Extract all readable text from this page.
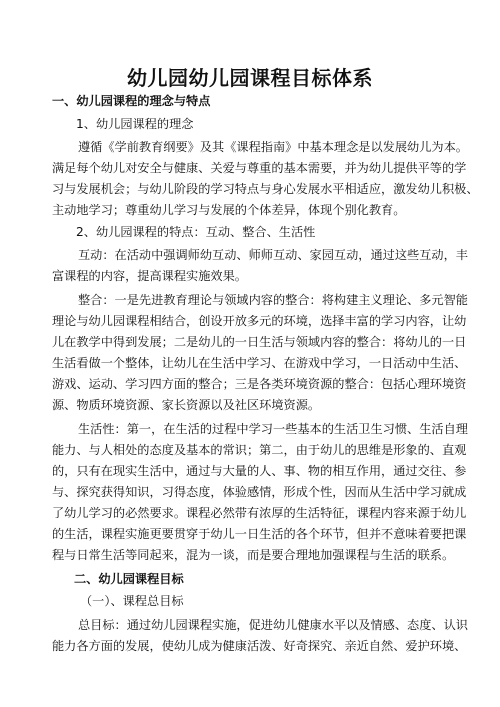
幼儿园幼儿园课程目标体系
一、幼儿园课程的理念与特点
1、幼儿园课程的理念
遵循《学前教育纲要》及其《课程指南》中基本理念是以发展幼儿为本。
满足每个幼儿对安全与健康、关爱与尊重的基本需要，并为幼儿提供平等的学
习与发展机会；与幼儿阶段的学习特点与身心发展水平相适应，激发幼儿积极、
主动地学习；尊重幼儿学习与发展的个体差异，体现个别化教育。
2、幼儿园课程的特点：互动、整合、生活性
互动：在活动中强调师幼互动、师师互动、家园互动，通过这些互动，丰
富课程的内容，提高课程实施效果。
整合：一是先进教育理论与领域内容的整合：将构建主义理论、多元智能
理论与幼儿园课程相结合，创设开放多元的环境，选择丰富的学习内容，让幼
儿在教学中得到发展；二是幼儿的一日生活与领域内容的整合：将幼儿的一日
生活看做一个整体，让幼儿在生活中学习、在游戏中学习，一日活动中生活、
游戏、运动、学习四方面的整合；三是各类环境资源的整合：包括心理环境资
源、物质环境资源、家长资源以及社区环境资源。
生活性：第一，在生活的过程中学习一些基本的生活卫生习惯、生活自理
能力、与人相处的态度及基本的常识；第二，由于幼儿的思维是形象的、直观
的，只有在现实生活中，通过与大量的人、事、物的相互作用，通过交往、参
与、探究获得知识，习得态度，体验感情，形成个性，因而从生活中学习就成
了幼儿学习的必然要求。课程必然带有浓厚的生活特征，课程内容来源于幼儿
的生活，课程实施更要贯穿于幼儿一日生活的各个环节，但并不意味着要把课
程与日常生活等同起来，混为一谈，而是要合理地加强课程与生活的联系。
二、幼儿园课程目标
（一）、课程总目标
总目标：通过幼儿园课程实施，促进幼儿健康水平以及情感、态度、认识
能力各方面的发展，使幼儿成为健康活泼、好奇探究、亲近自然、爱护环境、
